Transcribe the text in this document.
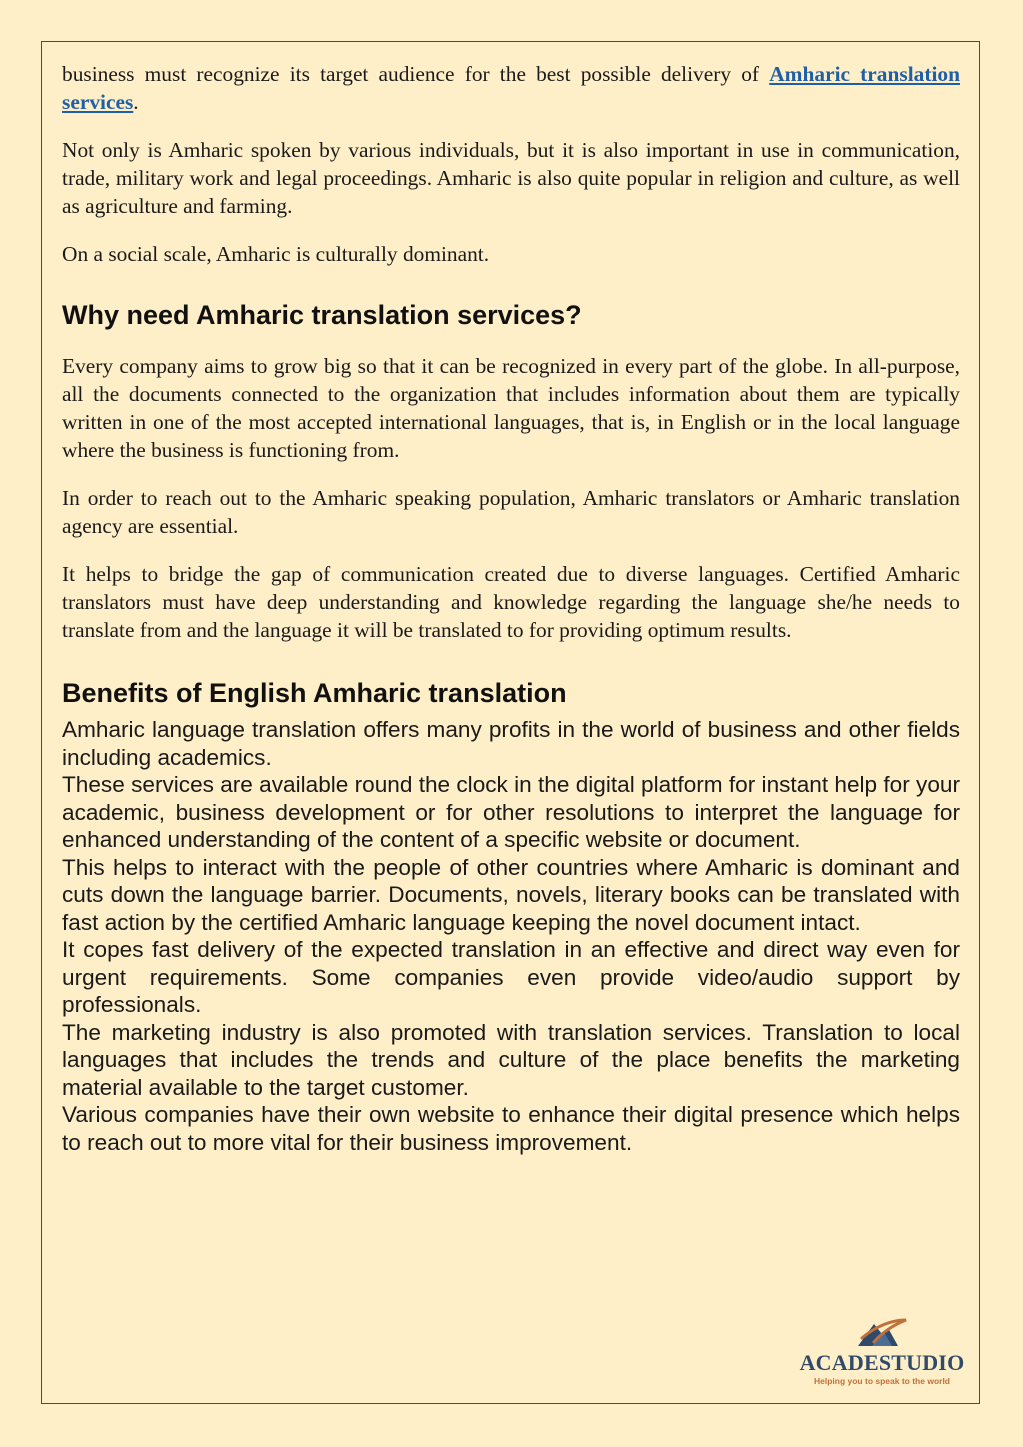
business must recognize its target audience for the best possible delivery of Amharic translation services.

Not only is Amharic spoken by various individuals, but it is also important in use in communication, trade, military work and legal proceedings. Amharic is also quite popular in religion and culture, as well as agriculture and farming.

On a social scale, Amharic is culturally dominant.

Why need Amharic translation services?

Every company aims to grow big so that it can be recognized in every part of the globe. In all-purpose, all the documents connected to the organization that includes information about them are typically written in one of the most accepted international languages, that is, in English or in the local language where the business is functioning from.

In order to reach out to the Amharic speaking population, Amharic translators or Amharic translation agency are essential.

It helps to bridge the gap of communication created due to diverse languages. Certified Amharic translators must have deep understanding and knowledge regarding the language she/he needs to translate from and the language it will be translated to for providing optimum results.

Benefits of English Amharic translation

Amharic language translation offers many profits in the world of business and other fields including academics.

These services are available round the clock in the digital platform for instant help for your academic, business development or for other resolutions to interpret the language for enhanced understanding of the content of a specific website or document.

This helps to interact with the people of other countries where Amharic is dominant and cuts down the language barrier. Documents, novels, literary books can be translated with fast action by the certified Amharic language keeping the novel document intact.

It copes fast delivery of the expected translation in an effective and direct way even for urgent requirements. Some companies even provide video/audio support by professionals.

The marketing industry is also promoted with translation services. Translation to local languages that includes the trends and culture of the place benefits the marketing material available to the target customer.

Various companies have their own website to enhance their digital presence which helps to reach out to more vital for their business improvement.

ACADESTUDIO
Helping you to speak to the world
